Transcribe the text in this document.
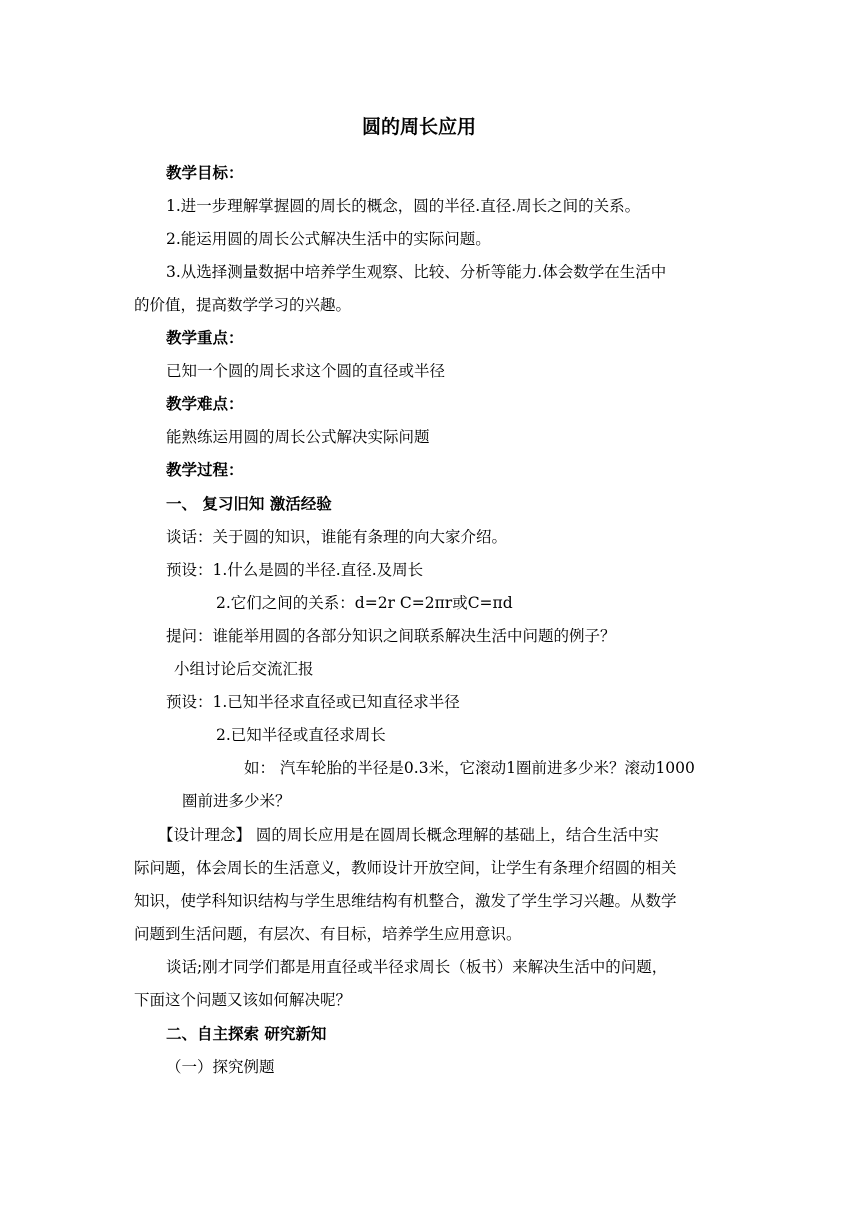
圆的周长应用
教学目标：
1.进一步理解掌握圆的周长的概念，圆的半径.直径.周长之间的关系。
2.能运用圆的周长公式解决生活中的实际问题。
3.从选择测量数据中培养学生观察、比较、分析等能力.体会数学在生活中
的价值，提高数学学习的兴趣。
教学重点：
已知一个圆的周长求这个圆的直径或半径
教学难点：
能熟练运用圆的周长公式解决实际问题
教学过程：
一、 复习旧知 激活经验
谈话：关于圆的知识，谁能有条理的向大家介绍。
预设：1.什么是圆的半径.直径.及周长
2.它们之间的关系：d=2r C=2πr或C=πd
提问：谁能举用圆的各部分知识之间联系解决生活中问题的例子？
小组讨论后交流汇报
预设：1.已知半径求直径或已知直径求半径
2.已知半径或直径求周长
如： 汽车轮胎的半径是0.3米，它滚动1圈前进多少米？滚动1000
圈前进多少米？
【设计理念】 圆的周长应用是在圆周长概念理解的基础上，结合生活中实
际问题，体会周长的生活意义，教师设计开放空间，让学生有条理介绍圆的相关
知识，使学科知识结构与学生思维结构有机整合，激发了学生学习兴趣。从数学
问题到生活问题，有层次、有目标，培养学生应用意识。
谈话;刚才同学们都是用直径或半径求周长（板书）来解决生活中的问题，
下面这个问题又该如何解决呢？
二、自主探索 研究新知
（一）探究例题
